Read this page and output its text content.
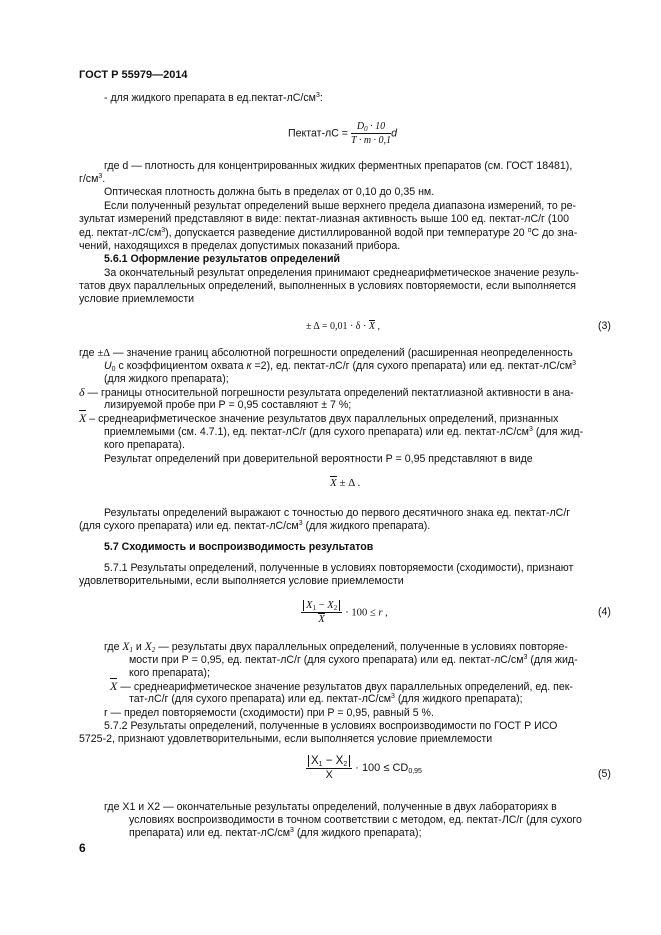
ГОСТ Р 55979—2014
- для жидкого препарата в $ед.пектат-лС/см^3$:
Пектат-лС = $\frac{D_0 \cdot 10}{T \cdot m \cdot 0,1}$ d
где d — плотность для концентрированных жидких ферментных препаратов (см. ГОСТ 18481),
$г/см^3$.
Оптическая плотность должна быть в пределах от 0,10 до 0,35 нм.
Если полученный результат определений выше верхнего предела диапазона измерений, то ре-
зультат измерений представляют в виде: пектат-лиазная активность выше 100 ед. пектат-лС/г (100
ед. пектат-$лС/см^3$), допускается разведение дистиллированной водой при температуре 20 $^о$С до зна-
чений, находящихся в пределах допустимых показаний прибора.
5.6.1 Оформление результатов определений
За окончательный результат определения принимают среднеарифметическое значение резуль-
татов двух параллельных определений, выполненных в условиях повторяемости, если выполняется
условие приемлемости
± Δ = 0,01 · δ · X ,	(3)
где ±Δ — значение границ абсолютной погрешности определений (расширенная неопределенность
$U_0$ с коэффициентом охвата к =2), ед. пектат-лС/г (для сухого препарата) или ед. пектат-$лС/см^3$
(для жидкого препарата);
δ — границы относительной погрешности результата определений пектатлиазной активности в ана-
лизируемой пробе при Р = 0,95 составляют ± 7 %;
X – среднеарифметическое значение результатов двух параллельных определений, признанных
приемлемыми (см. 4.7.1), ед. пектат-лС/г (для сухого препарата) или ед. пектат-$лС/см^3$ (для жид-
кого препарата).
Результат определений при доверительной вероятности Р = 0,95 представляют в виде
X ± Δ .
Результаты определений выражают с точностью до первого десятичного знака ед. пектат-лС/г
(для сухого препарата) или ед. пектат-$лС/см^3$ (для жидкого препарата).
5.7 Сходимость и воспроизводимость результатов
5.7.1 Результаты определений, полученные в условиях повторяемости (сходимости), признают
удовлетворительными, если выполняется условие приемлемости
$\frac{X_1 - X_2}{X} \cdot 100 \le r$ ,	(4)
где $X_1$ и $X_2$ — результаты двух параллельных определений, полученные в условиях повторяе-
мости при Р = 0,95, ед. пектат-лС/г (для сухого препарата) или ед. пектат-$лС/см^3$ (для жид-
кого препарата);
X — среднеарифметическое значение результатов двух параллельных определений, ед. пек-
тат-лС/г (для сухого препарата) или ед. пектат-$лС/см^3$ (для жидкого препарата);
r — предел повторяемости (сходимости) при Р = 0,95, равный 5 %.
5.7.2 Результаты определений, полученные в условиях воспроизводимости по ГОСТ Р ИСО
5725-2, признают удовлетворительными, если выполняется условие приемлемости
$\frac{X_1 - X_2}{X} \cdot 100 \le CD_{0,95}$	(5)
где X1 и X2 — окончательные результаты определений, полученные в двух лабораториях в
условиях воспроизводимости в точном соответствии с методом, ед. пектат-ЛС/г (для сухого
препарата) или ед. пектат-$лС/см^3$ (для жидкого препарата);
6
